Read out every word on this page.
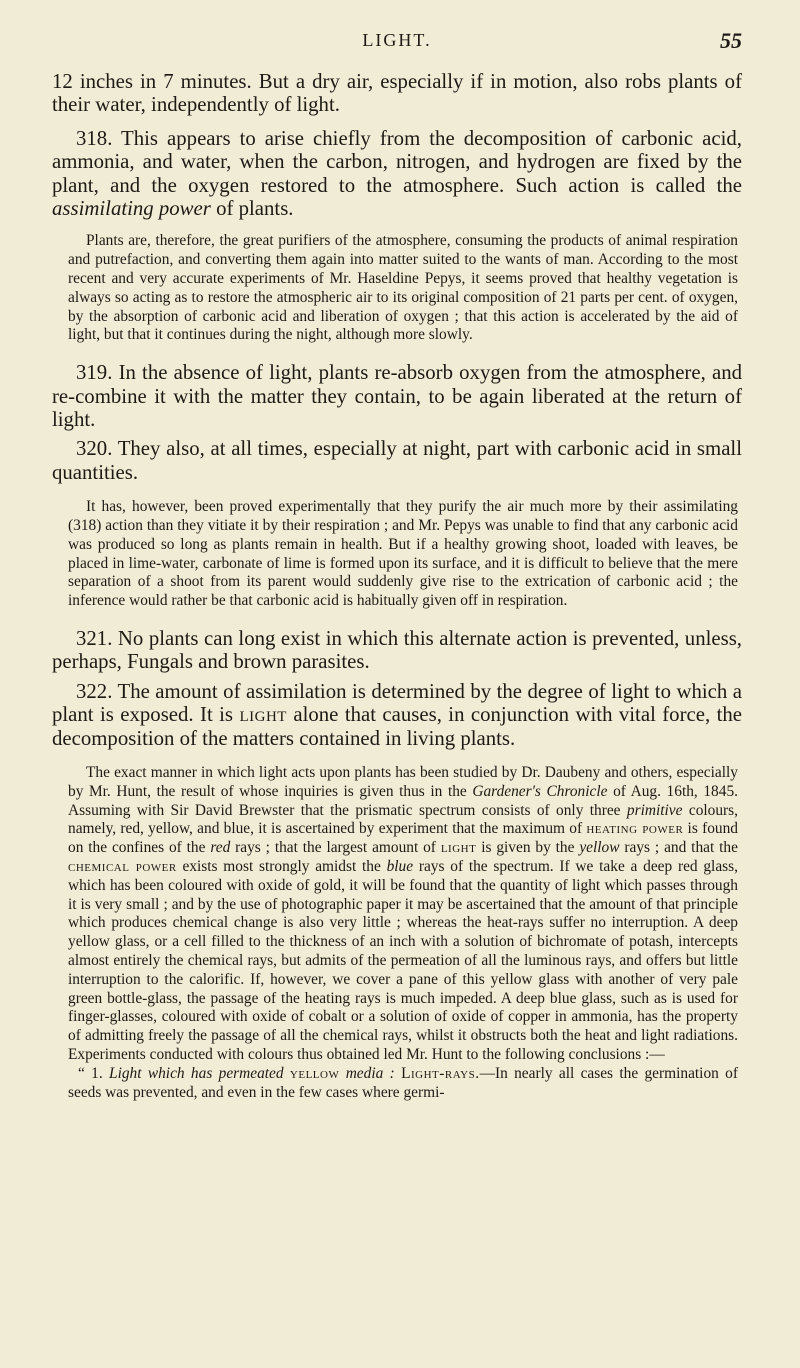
LIGHT.	55

12 inches in 7 minutes. But a dry air, especially if in motion, also robs plants of their water, independently of light.

318. This appears to arise chiefly from the decomposition of carbonic acid, ammonia, and water, when the carbon, nitrogen, and hydrogen are fixed by the plant, and the oxygen restored to the atmosphere. Such action is called the assimilating power of plants.

Plants are, therefore, the great purifiers of the atmosphere, consuming the products of animal respiration and putrefaction, and converting them again into matter suited to the wants of man. According to the most recent and very accurate experiments of Mr. Haseldine Pepys, it seems proved that healthy vegetation is always so acting as to restore the atmospheric air to its original composition of 21 parts per cent. of oxygen, by the absorption of carbonic acid and liberation of oxygen ; that this action is accelerated by the aid of light, but that it continues during the night, although more slowly.

319. In the absence of light, plants re-absorb oxygen from the atmosphere, and re-combine it with the matter they contain, to be again liberated at the return of light.

320. They also, at all times, especially at night, part with carbonic acid in small quantities.

It has, however, been proved experimentally that they purify the air much more by their assimilating (318) action than they vitiate it by their respiration ; and Mr. Pepys was unable to find that any carbonic acid was produced so long as plants remain in health. But if a healthy growing shoot, loaded with leaves, be placed in lime-water, carbonate of lime is formed upon its surface, and it is difficult to believe that the mere separation of a shoot from its parent would suddenly give rise to the extrication of carbonic acid ; the inference would rather be that carbonic acid is habitually given off in respiration.

321. No plants can long exist in which this alternate action is prevented, unless, perhaps, Fungals and brown parasites.

322. The amount of assimilation is determined by the degree of light to which a plant is exposed. It is light alone that causes, in conjunction with vital force, the decomposition of the matters contained in living plants.

The exact manner in which light acts upon plants has been studied by Dr. Daubeny and others, especially by Mr. Hunt, the result of whose inquiries is given thus in the Gardener's Chronicle of Aug. 16th, 1845. Assuming with Sir David Brewster that the prismatic spectrum consists of only three primitive colours, namely, red, yellow, and blue, it is ascertained by experiment that the maximum of heating power is found on the confines of the red rays ; that the largest amount of light is given by the yellow rays ; and that the chemical power exists most strongly amidst the blue rays of the spectrum. If we take a deep red glass, which has been coloured with oxide of gold, it will be found that the quantity of light which passes through it is very small ; and by the use of photographic paper it may be ascertained that the amount of that principle which produces chemical change is also very little ; whereas the heat-rays suffer no interruption. A deep yellow glass, or a cell filled to the thickness of an inch with a solution of bichromate of potash, intercepts almost entirely the chemical rays, but admits of the permeation of all the luminous rays, and offers but little interruption to the calorific. If, however, we cover a pane of this yellow glass with another of very pale green bottle-glass, the passage of the heating rays is much impeded. A deep blue glass, such as is used for finger-glasses, coloured with oxide of cobalt or a solution of oxide of copper in ammonia, has the property of admitting freely the passage of all the chemical rays, whilst it obstructs both the heat and light radiations. Experiments conducted with colours thus obtained led Mr. Hunt to the following conclusions :—

“ 1. Light which has permeated yellow media : Light-rays.—In nearly all cases the germination of seeds was prevented, and even in the few cases where germi-
